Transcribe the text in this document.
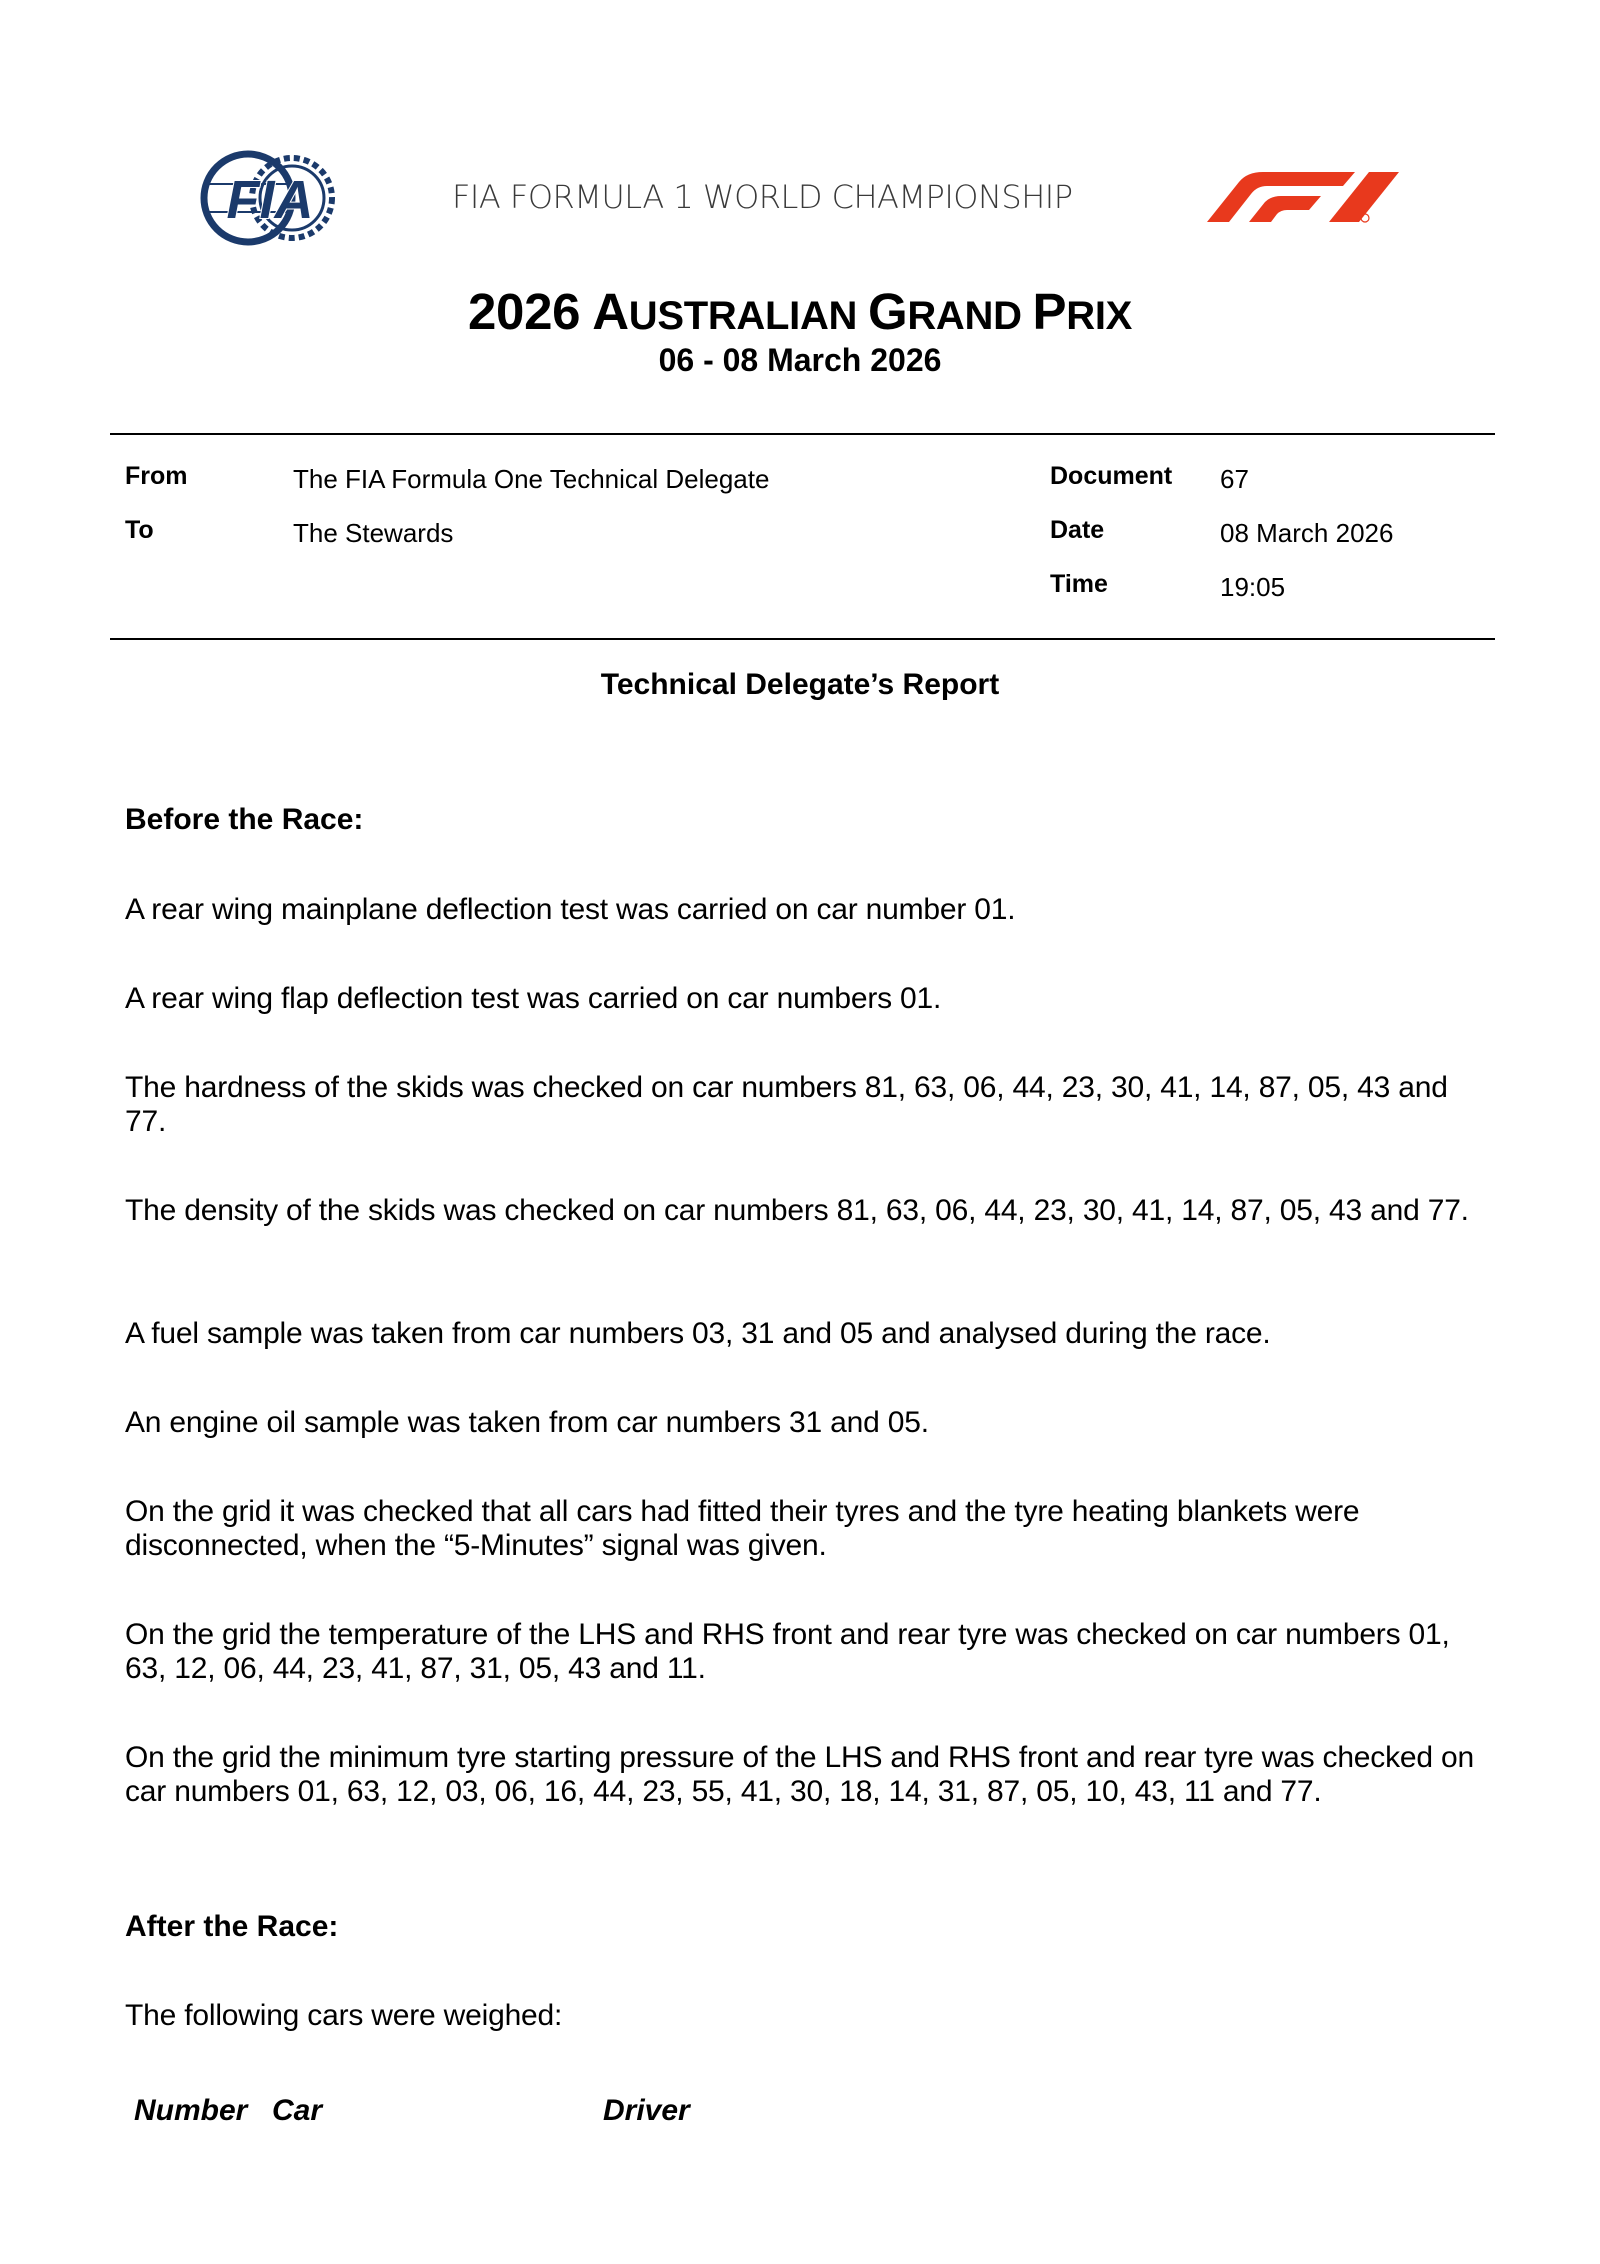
FIA	FIA FORMULA 1 WORLD CHAMPIONSHIP
2026 AUSTRALIAN GRAND PRIX
06 - 08 March 2026
From	The FIA Formula One Technical Delegate
To	The Stewards
Document 67
Date	08 March 2026
Time	19:05
Technical Delegate’s Report
Before the Race:
A rear wing mainplane deflection test was carried on car number 01.
A rear wing flap deflection test was carried on car numbers 01.
The hardness of the skids was checked on car numbers 81, 63, 06, 44, 23, 30, 41, 14, 87, 05, 43 and 77.
The density of the skids was checked on car numbers 81, 63, 06, 44, 23, 30, 41, 14, 87, 05, 43 and 77.
A fuel sample was taken from car numbers 03, 31 and 05 and analysed during the race.
An engine oil sample was taken from car numbers 31 and 05.
On the grid it was checked that all cars had fitted their tyres and the tyre heating blankets were disconnected, when the “5-Minutes” signal was given.
On the grid the temperature of the LHS and RHS front and rear tyre was checked on car numbers 01, 63, 12, 06, 44, 23, 41, 87, 31, 05, 43 and 11.
On the grid the minimum tyre starting pressure of the LHS and RHS front and rear tyre was checked on car numbers 01, 63, 12, 03, 06, 16, 44, 23, 55, 41, 30, 18, 14, 31, 87, 05, 10, 43, 11 and 77.
After the Race:
The following cars were weighed:
Number Car	Driver
